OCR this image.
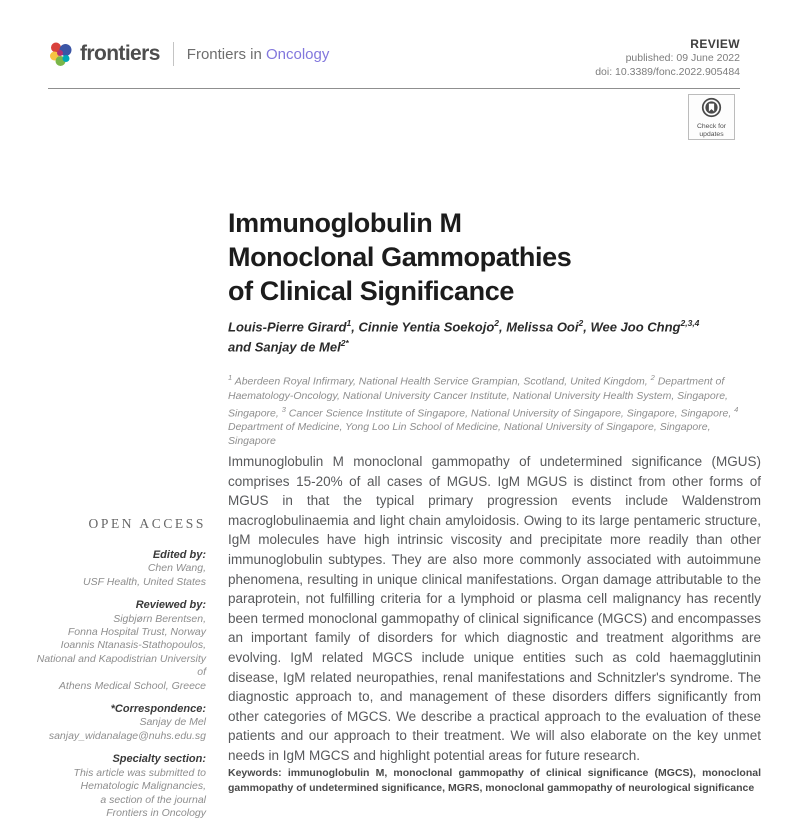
frontiers Frontiers in Oncology
REVIEW
published: 09 June 2022
doi: 10.3389/fonc.2022.905484
Check for
updates
Immunoglobulin M
Monoclonal Gammopathies
of Clinical Significance
Louis-Pierre Girard$^1$, Cinnie Yentia Soekojo$^2$, Melissa Ooi$^2$, Wee Joo Chng$^{2,3,4}$
and Sanjay de Mel$^{2*}$
$^1$ Aberdeen Royal Infirmary, National Health Service Grampian, Scotland, United Kingdom, $^2$ Department of Haematology-Oncology, National University Cancer Institute, National University Health System, Singapore, Singapore, $^3$ Cancer Science Institute of Singapore, National University of Singapore, Singapore, Singapore, $^4$ Department of Medicine, Yong Loo Lin School of Medicine, National University of Singapore, Singapore, Singapore
Immunoglobulin M monoclonal gammopathy of undetermined significance (MGUS) comprises 15-20% of all cases of MGUS. IgM MGUS is distinct from other forms of MGUS in that the typical primary progression events include Waldenstrom macroglobulinaemia and light chain amyloidosis. Owing to its large pentameric structure, IgM molecules have high intrinsic viscosity and precipitate more readily than other immunoglobulin subtypes. They are also more commonly associated with autoimmune phenomena, resulting in unique clinical manifestations. Organ damage attributable to the paraprotein, not fulfilling criteria for a lymphoid or plasma cell malignancy has recently been termed monoclonal gammopathy of clinical significance (MGCS) and encompasses an important family of disorders for which diagnostic and treatment algorithms are evolving. IgM related MGCS include unique entities such as cold haemagglutinin disease, IgM related neuropathies, renal manifestations and Schnitzler's syndrome. The diagnostic approach to, and management of these disorders differs significantly from other categories of MGCS. We describe a practical approach to the evaluation of these patients and our approach to their treatment. We will also elaborate on the key unmet needs in IgM MGCS and highlight potential areas for future research.
Keywords: immunoglobulin M, monoclonal gammopathy of clinical significance (MGCS), monoclonal gammopathy of undetermined significance, MGRS, monoclonal gammopathy of neurological significance
OPEN ACCESS
Edited by:
Chen Wang,
USF Health, United States
Reviewed by:
Sigbjørn Berentsen,
Fonna Hospital Trust, Norway
Ioannis Ntanasis-Stathopoulos,
National and Kapodistrian University of
Athens Medical School, Greece
*Correspondence:
Sanjay de Mel
sanjay_widanalage@nuhs.edu.sg
Specialty section:
This article was submitted to
Hematologic Malignancies,
a section of the journal
Frontiers in Oncology
